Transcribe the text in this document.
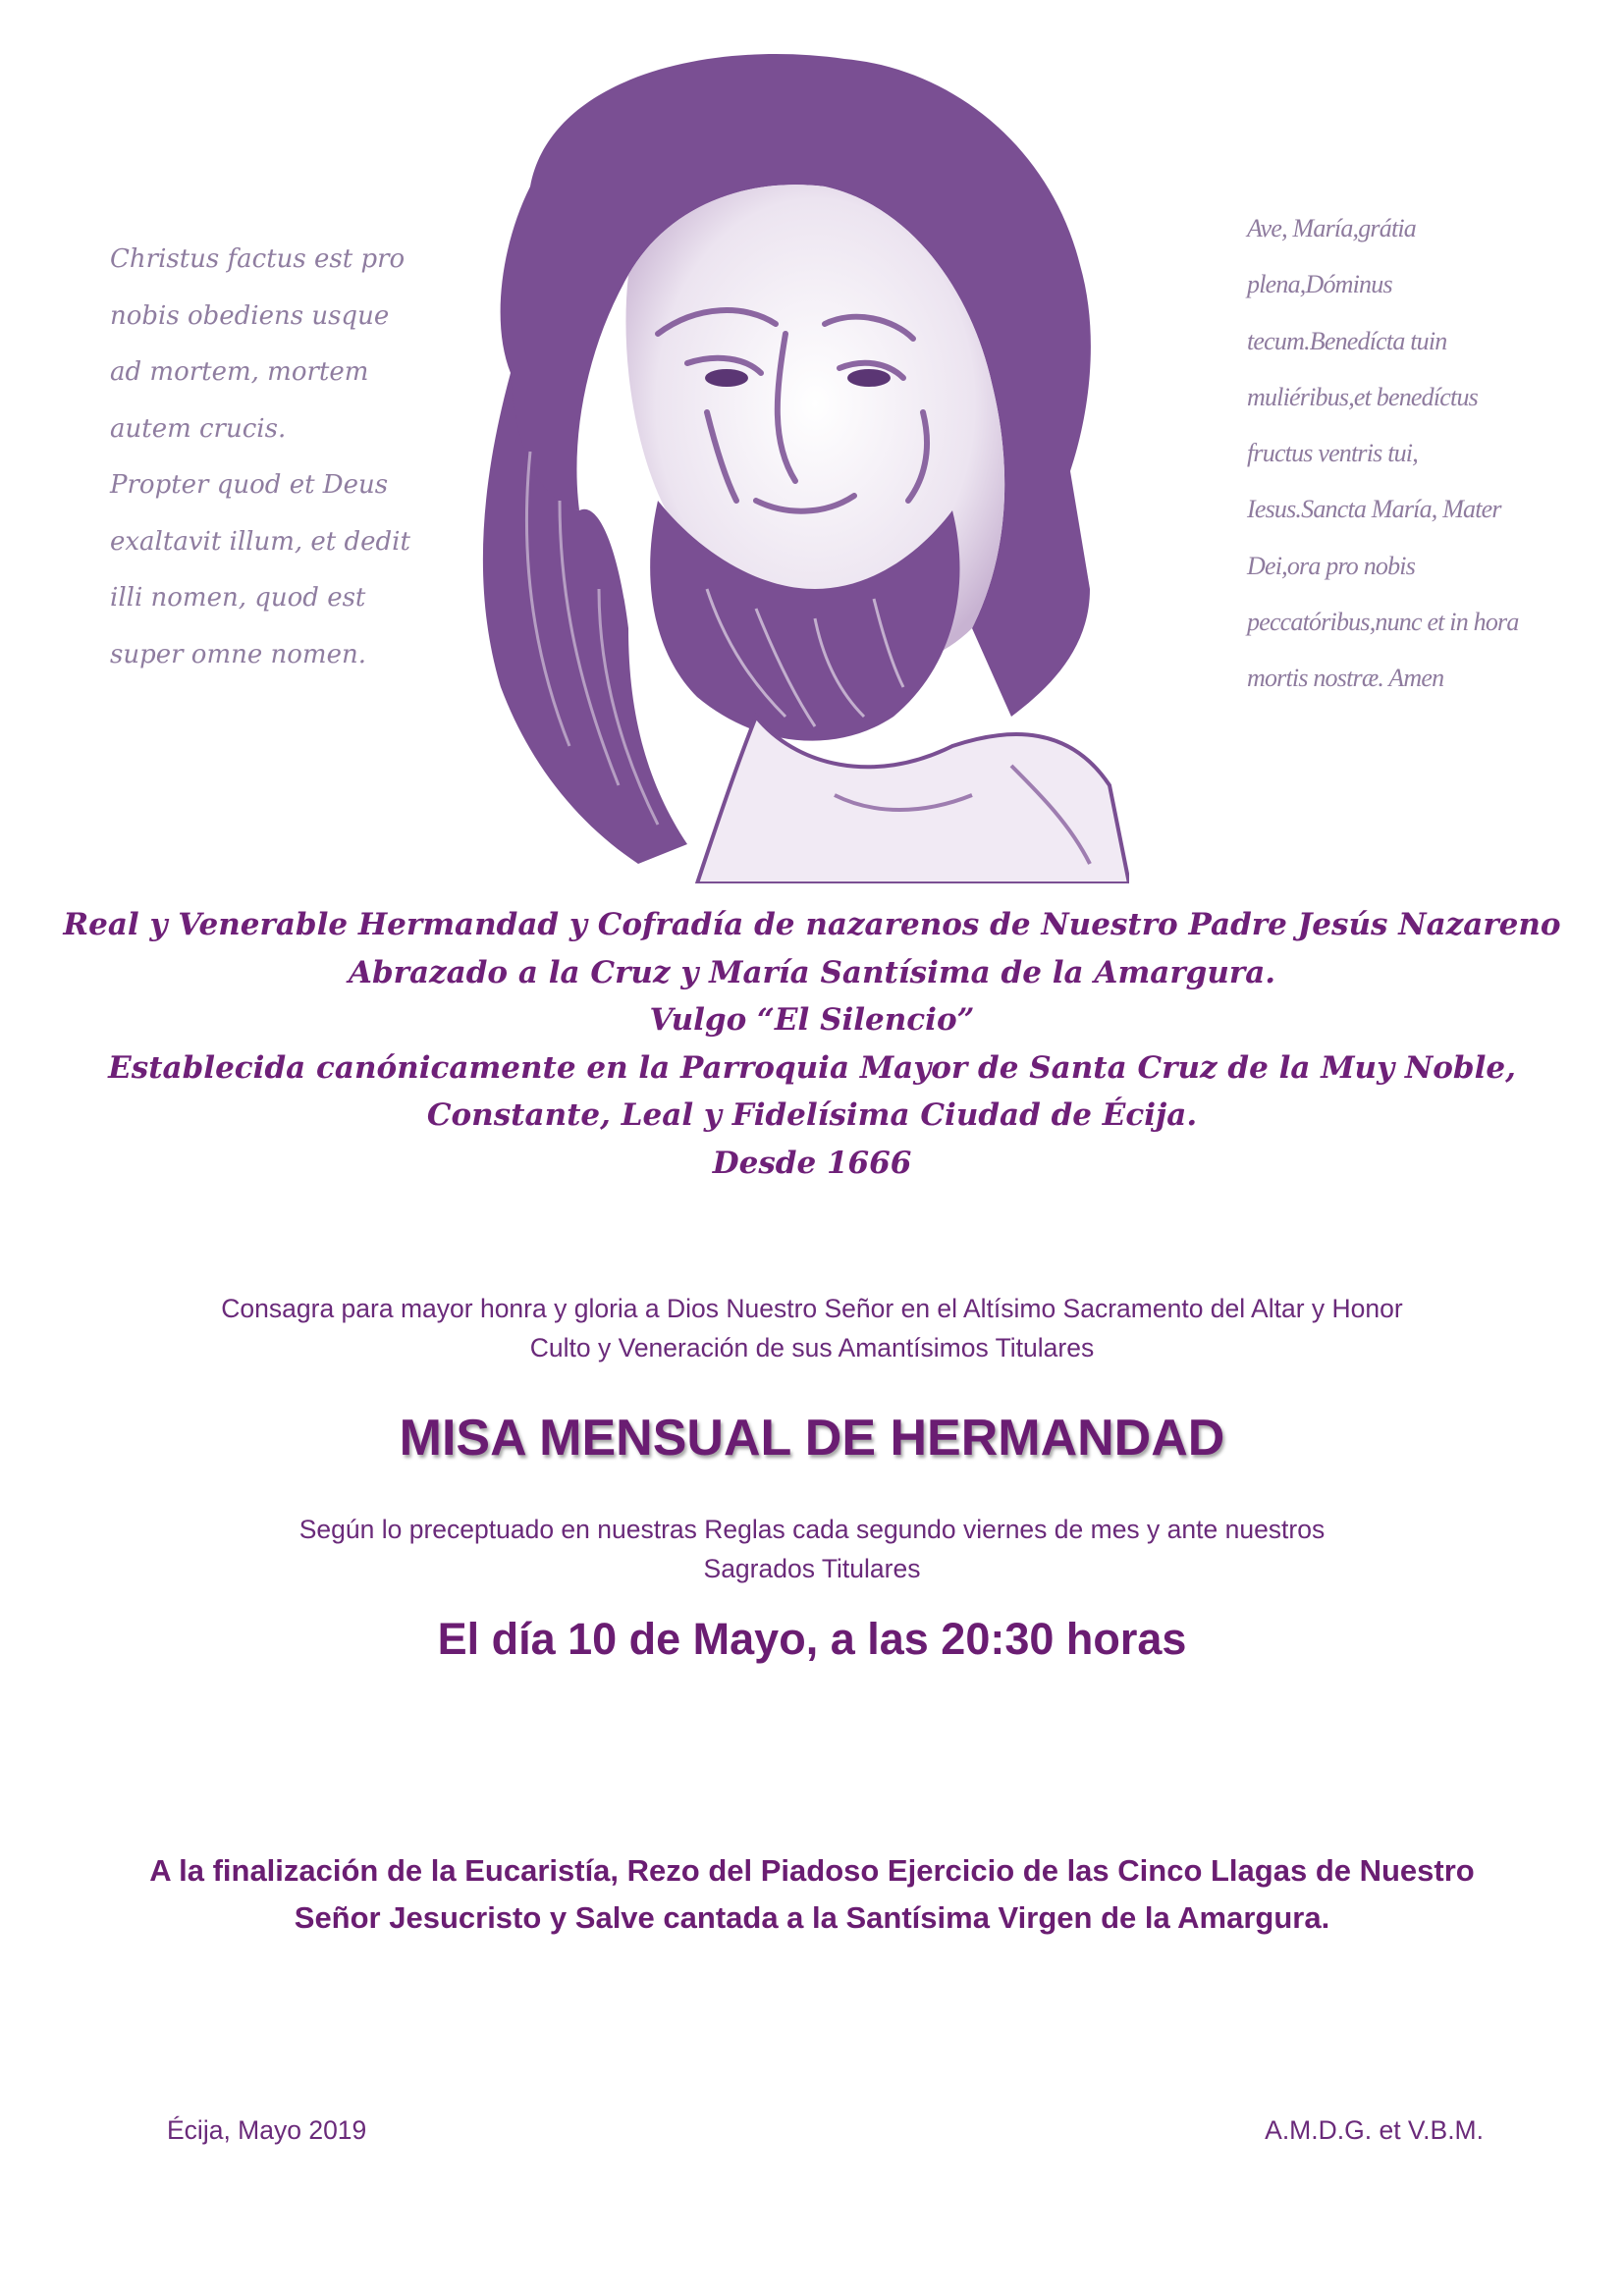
Christus factus est pro
nobis obediens usque
ad mortem, mortem
autem crucis.
Propter quod et Deus
exaltavit illum, et dedit
illi nomen, quod est
super omne nomen.

Ave, María,grátia
plena,Dóminus
tecum.Benedícta tuin
muliéribus,et benedíctus
fructus ventris tui,
Iesus.Sancta María, Mater
Dei,ora pro nobis
peccatóribus,nunc et in hora
mortis nostræ. Amen

Real y Venerable Hermandad y Cofradía de nazarenos de Nuestro Padre Jesús Nazareno
Abrazado a la Cruz y María Santísima de la Amargura.
Vulgo “El Silencio”
Establecida canónicamente en la Parroquia Mayor de Santa Cruz de la Muy Noble,
Constante, Leal y Fidelísima Ciudad de Écija.
Desde 1666
Consagra para mayor honra y gloria a Dios Nuestro Señor en el Altísimo Sacramento del Altar y Honor
Culto y Veneración de sus Amantísimos Titulares
MISA MENSUAL DE HERMANDAD
Según lo preceptuado en nuestras Reglas cada segundo viernes de mes y ante nuestros
Sagrados Titulares
El día 10 de Mayo, a las 20:30 horas
A la finalización de la Eucaristía, Rezo del Piadoso Ejercicio de las Cinco Llagas de Nuestro
Señor Jesucristo y Salve cantada a la Santísima Virgen de la Amargura.

Écija, Mayo 2019	A.M.D.G. et V.B.M.
